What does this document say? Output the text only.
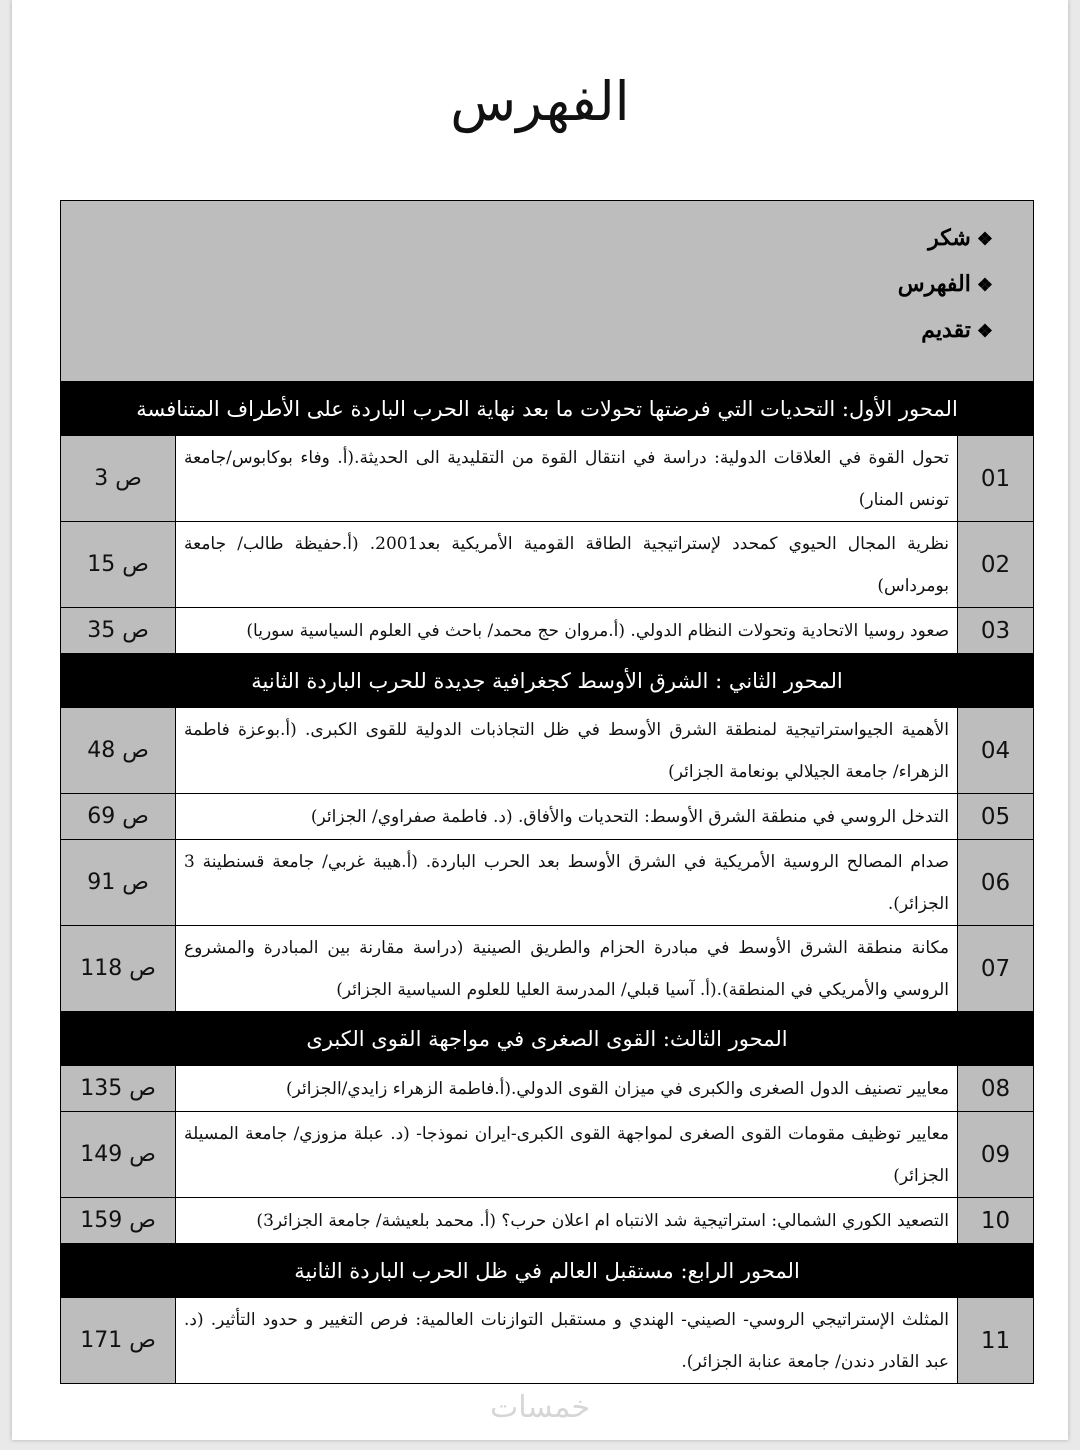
الفهرس
❖شكر
❖الفهرس
❖تقديم		

المحور الأول: التحديات التي فرضتها تحولات ما بعد نهاية الحرب الباردة على الأطراف المتنافسة		
01	تحول القوة في العلاقات الدولية: دراسة في انتقال القوة من التقليدية الى الحديثة.(أ. وفاء بوكابوس/جامعة تونس المنار)	ص 3
02	نظرية المجال الحيوي كمحدد لإستراتيجية الطاقة القومية الأمريكية بعد2001. (أ.حفيظة طالب/ جامعة بومرداس)	ص 15
03	صعود روسيا الاتحادية وتحولات النظام الدولي. (أ.مروان حج محمد/ باحث في العلوم السياسية سوريا)	ص 35
المحور الثاني : الشرق الأوسط كجغرافية جديدة للحرب الباردة الثانية		
04	الأهمية الجيواستراتيجية لمنطقة الشرق الأوسط في ظل التجاذبات الدولية للقوى الكبرى. (أ.بوعزة فاطمة الزهراء/ جامعة الجيلالي بونعامة الجزائر)	ص 48
05	التدخل الروسي في منطقة الشرق الأوسط: التحديات والأفاق. (د. فاطمة صفراوي/ الجزائر)	ص 69
06	صدام المصالح الروسية الأمريكية في الشرق الأوسط بعد الحرب الباردة. (أ.هيبة غربي/ جامعة قسنطينة 3 الجزائر).	ص 91
07	مكانة منطقة الشرق الأوسط في مبادرة الحزام والطريق الصينية (دراسة مقارنة بين المبادرة والمشروع الروسي والأمريكي في المنطقة).(أ. آسيا قبلي/ المدرسة العليا للعلوم السياسية الجزائر)	ص 118
المحور الثالث: القوى الصغرى في مواجهة القوى الكبرى		
08	معايير تصنيف الدول الصغرى والكبرى في ميزان القوى الدولي.(أ.فاطمة الزهراء زايدي/الجزائر)	ص 135
09	معايير توظيف مقومات القوى الصغرى لمواجهة القوى الكبرى-ايران نموذجا- (د. عبلة مزوزي/ جامعة المسيلة الجزائر)	ص 149
10	التصعيد الكوري الشمالي: استراتيجية شد الانتباه ام اعلان حرب؟ (أ. محمد بلعيشة/ جامعة الجزائر3)	ص 159
المحور الرابع: مستقبل العالم في ظل الحرب الباردة الثانية		
11	المثلث الإستراتيجي الروسي- الصيني- الهندي و مستقبل التوازنات العالمية: فرص التغيير و حدود التأثير. (د. عبد القادر دندن/ جامعة عنابة الجزائر).	ص 171
خمسات
